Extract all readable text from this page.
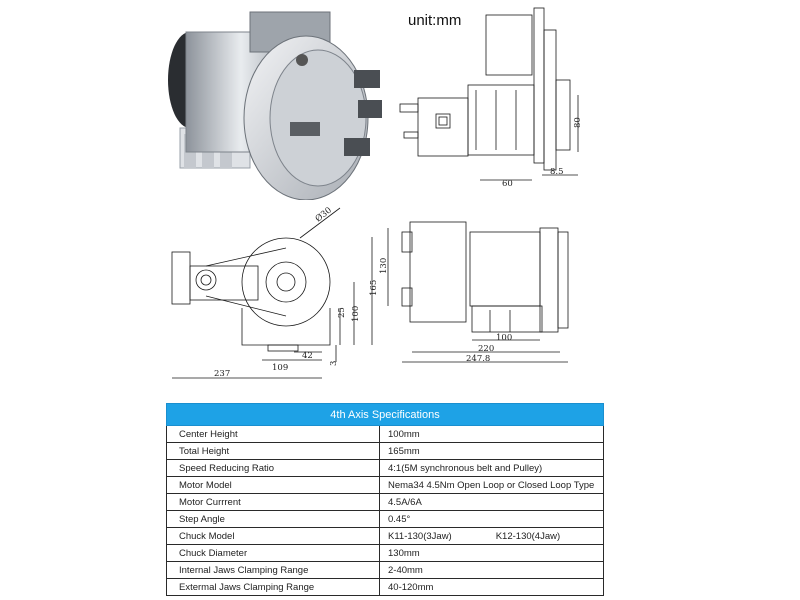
80
60
8.5
Ø30
130
165
100
25
42
3
109
237
100
220
247.8
unit:mm
4th Axis Specifications	
Center Height	100mm
Total Height	165mm
Speed Reducing Ratio	4:1(5M synchronous belt and Pulley)
Motor Model	Nema34 4.5Nm Open Loop or Closed Loop Type
Motor Currrent	4.5A/6A
Step Angle	0.45°
Chuck Model	K11-130(3Jaw) K12-130(4Jaw)
Chuck Diameter	130mm
Internal Jaws Clamping Range	2-40mm
Extermal Jaws Clamping Range	40-120mm
